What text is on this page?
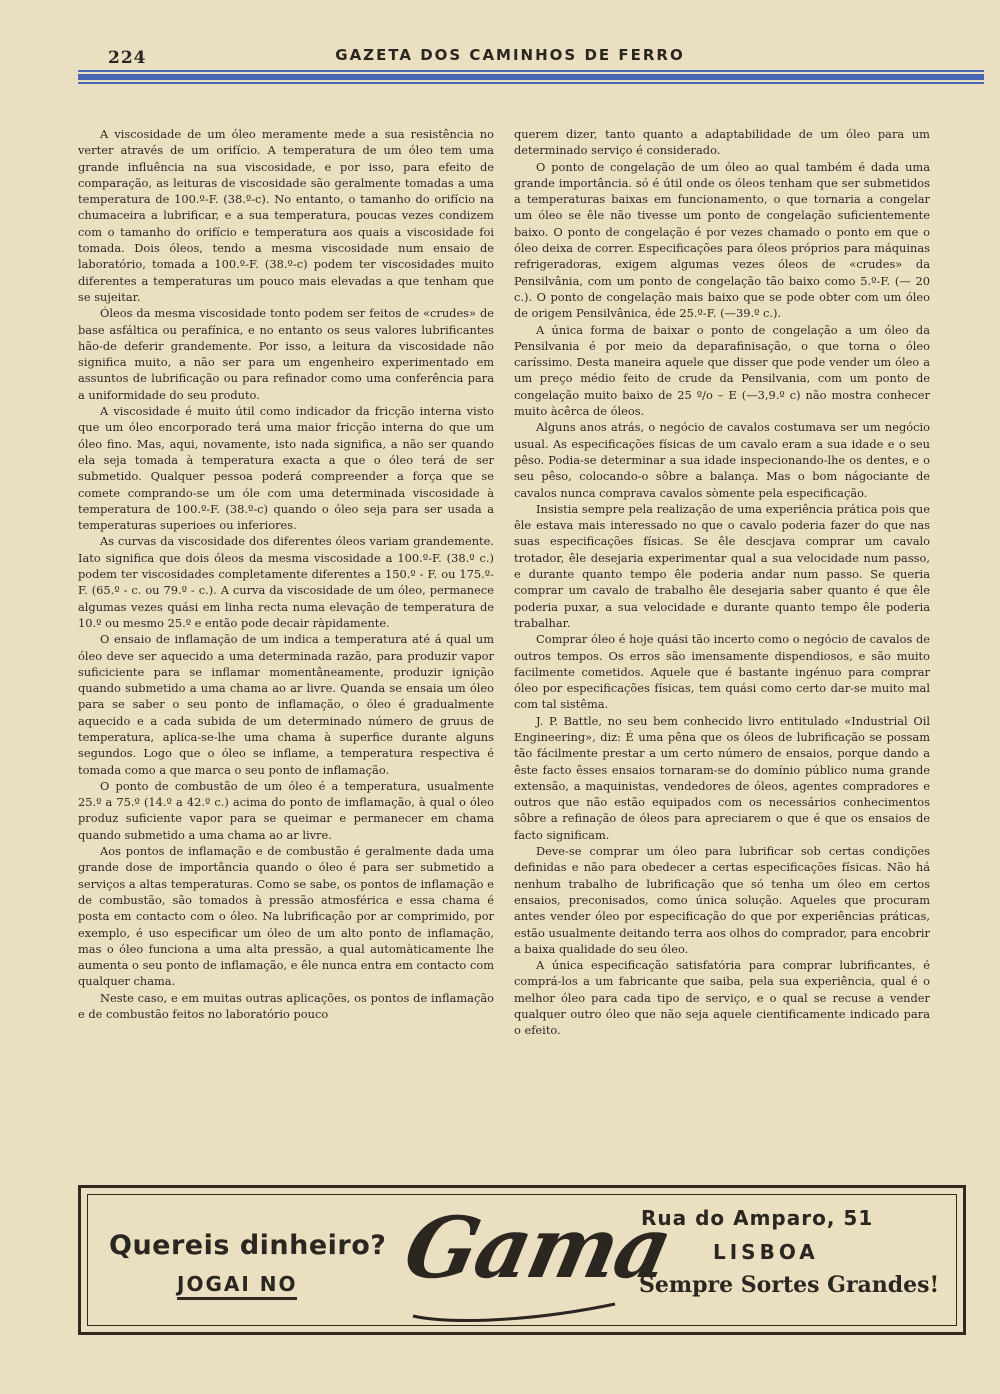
224	GAZETA DOS CAMINHOS DE FERRO

A viscosidade de um óleo meramente mede a sua resistência no verter através de um orifício. A temperatura de um óleo tem uma grande influência na sua viscosidade, e por isso, para efeito de comparação, as leituras de viscosidade são geralmente tomadas a uma temperatura de 100.º-F. (38.º-c). No entanto, o tamanho do orifício na chumaceira a lubrificar, e a sua temperatura, poucas vezes condizem com o tamanho do orifício e temperatura aos quais a viscosidade foi tomada. Dois óleos, tendo a mesma viscosidade num ensaio de laboratório, tomada a 100.º-F. (38.º-c) podem ter viscosidades muito diferentes a temperaturas um pouco mais elevadas a que tenham que se sujeitar.

Óleos da mesma viscosidade tonto podem ser feitos de «crudes» de base asfáltica ou perafínica, e no entanto os seus valores lubrificantes hão-de deferir grandemente. Por isso, a leitura da viscosidade não significa muito, a não ser para um engenheiro experimentado em assuntos de lubrificação ou para refinador como uma conferência para a uniformidade do seu produto.

A viscosidade é muito útil como indicador da fricção interna visto que um óleo encorporado terá uma maior fricção interna do que um óleo fino. Mas, aqui, novamente, isto nada significa, a não ser quando ela seja tomada à temperatura exacta a que o óleo terá de ser submetido. Qualquer pessoa poderá compreender a força que se comete comprando-se um óle com uma determinada viscosidade à temperatura de 100.º-F. (38.º-c) quando o óleo seja para ser usada a temperaturas superioes ou inferiores.

As curvas da viscosidade dos diferentes óleos variam grandemente. Iato significa que dois óleos da mesma viscosidade a 100.º-F. (38.º c.) podem ter viscosidades completamente diferentes a 150.º - F. ou 175.º- F. (65.º - c. ou 79.º - c.). A curva da viscosidade de um óleo, permanece algumas vezes quási em linha recta numa elevação de temperatura de 10.º ou mesmo 25.º e então pode decair ràpidamente.

O ensaio de inflamação de um indica a temperatura até á qual um óleo deve ser aquecido a uma determinada razão, para produzir vapor suficiciente para se inflamar momentâneamente, produzir ignição quando submetido a uma chama ao ar livre. Quanda se ensaia um óleo para se saber o seu ponto de inflamação, o óleo é gradualmente aquecido e a cada subida de um determinado número de gruus de temperatura, aplica-se-lhe uma chama à superfice durante alguns segundos. Logo que o óleo se inflame, a temperatura respectiva é tomada como a que marca o seu ponto de inflamação.

O ponto de combustão de um óleo é a temperatura, usualmente 25.º a 75.º (14.º a 42.º c.) acima do ponto de imflamação, à qual o óleo produz suficiente vapor para se queimar e permanecer em chama quando submetido a uma chama ao ar livre.

Aos pontos de inflamação e de combustão é geralmente dada uma grande dose de importância quando o óleo é para ser submetido a serviços a altas temperaturas. Como se sabe, os pontos de inflamação e de combustão, são tomados à pressão atmosférica e essa chama é posta em contacto com o óleo. Na lubrificação por ar comprimido, por exemplo, é uso especificar um óleo de um alto ponto de inflamação, mas o óleo funciona a uma alta pressão, a qual automàticamente lhe aumenta o seu ponto de inflamação, e êle nunca entra em contacto com qualquer chama.

Neste caso, e em muitas outras aplicações, os pontos de inflamação e de combustão feitos no laboratório pouco

querem dizer, tanto quanto a adaptabilidade de um óleo para um determinado serviço é considerado.

O ponto de congelação de um óleo ao qual também é dada uma grande importância. só é útil onde os óleos tenham que ser submetidos a temperaturas baixas em funcionamento, o que tornaria a congelar um óleo se êle não tivesse um ponto de congelação suficientemente baixo. O ponto de congelação é por vezes chamado o ponto em que o óleo deixa de correr. Especificações para óleos próprios para máquinas refrigeradoras, exigem algumas vezes óleos de «crudes» da Pensilvânia, com um ponto de congelação tão baixo como 5.º-F. (— 20 c.). O ponto de congelação mais baixo que se pode obter com um óleo de origem Pensilvânica, éde 25.º-F. (—39.º c.).

A única forma de baixar o ponto de congelação a um óleo da Pensilvania é por meio da deparafinisação, o que torna o óleo caríssimo. Desta maneira aquele que disser que pode vender um óleo a um preço médio feito de crude da Pensilvania, com um ponto de congelação muito baixo de 25 º/o – E (—3,9.º c) não mostra conhecer muito àcêrca de óleos.

Alguns anos atrás, o negócio de cavalos costumava ser um negócio usual. As especificações físicas de um cavalo eram a sua idade e o seu pêso. Podia-se determinar a sua idade inspecionando-lhe os dentes, e o seu pêso, colocando-o sôbre a balança. Mas o bom nágociante de cavalos nunca comprava cavalos sòmente pela especificação.

Insistia sempre pela realização de uma experiência prática pois que êle estava mais interessado no que o cavalo poderia fazer do que nas suas especificações físicas. Se êle descjava comprar um cavalo trotador, êle desejaria experimentar qual a sua velocidade num passo, e durante quanto tempo êle poderia andar num passo. Se queria comprar um cavalo de trabalho êle desejaria saber quanto é que êle poderia puxar, a sua velocidade e durante quanto tempo êle poderia trabalhar.

Comprar óleo é hoje quási tão incerto como o negócio de cavalos de outros tempos. Os erros são imensamente dispendiosos, e são muito facilmente cometidos. Aquele que é bastante ingénuo para comprar óleo por especificações físicas, tem quási como certo dar-se muito mal com tal sistêma.

J. P. Battle, no seu bem conhecido livro entitulado «Industrial Oil Engineering», diz: É uma pêna que os óleos de lubrificação se possam tão fácilmente prestar a um certo número de ensaios, porque dando a êste facto êsses ensaios tornaram-se do domínio público numa grande extensão, a maquinistas, vendedores de óleos, agentes compradores e outros que não estão equipados com os necessários conhecimentos sôbre a refinação de óleos para apreciarem o que é que os ensaios de facto significam.

Deve-se comprar um óleo para lubrificar sob certas condições definidas e não para obedecer a certas especificações físicas. Não há nenhum trabalho de lubrificação que só tenha um óleo em certos ensaios, preconisados, como única solução. Aqueles que procuram antes vender óleo por especificação do que por experiências práticas, estão usualmente deitando terra aos olhos do comprador, para encobrir a baixa qualidade do seu óleo.

A única especificação satisfatória para comprar lubrificantes, é comprá-los a um fabricante que saiba, pela sua experiência, qual é o melhor óleo para cada tipo de serviço, e o qual se recuse a vender qualquer outro óleo que não seja aquele cientificamente indicado para o efeito.

Quereis dinheiro?
JOGAI NO Gama
Rua do Amparo, 51
LISBOA
Sempre Sortes Grandes!
